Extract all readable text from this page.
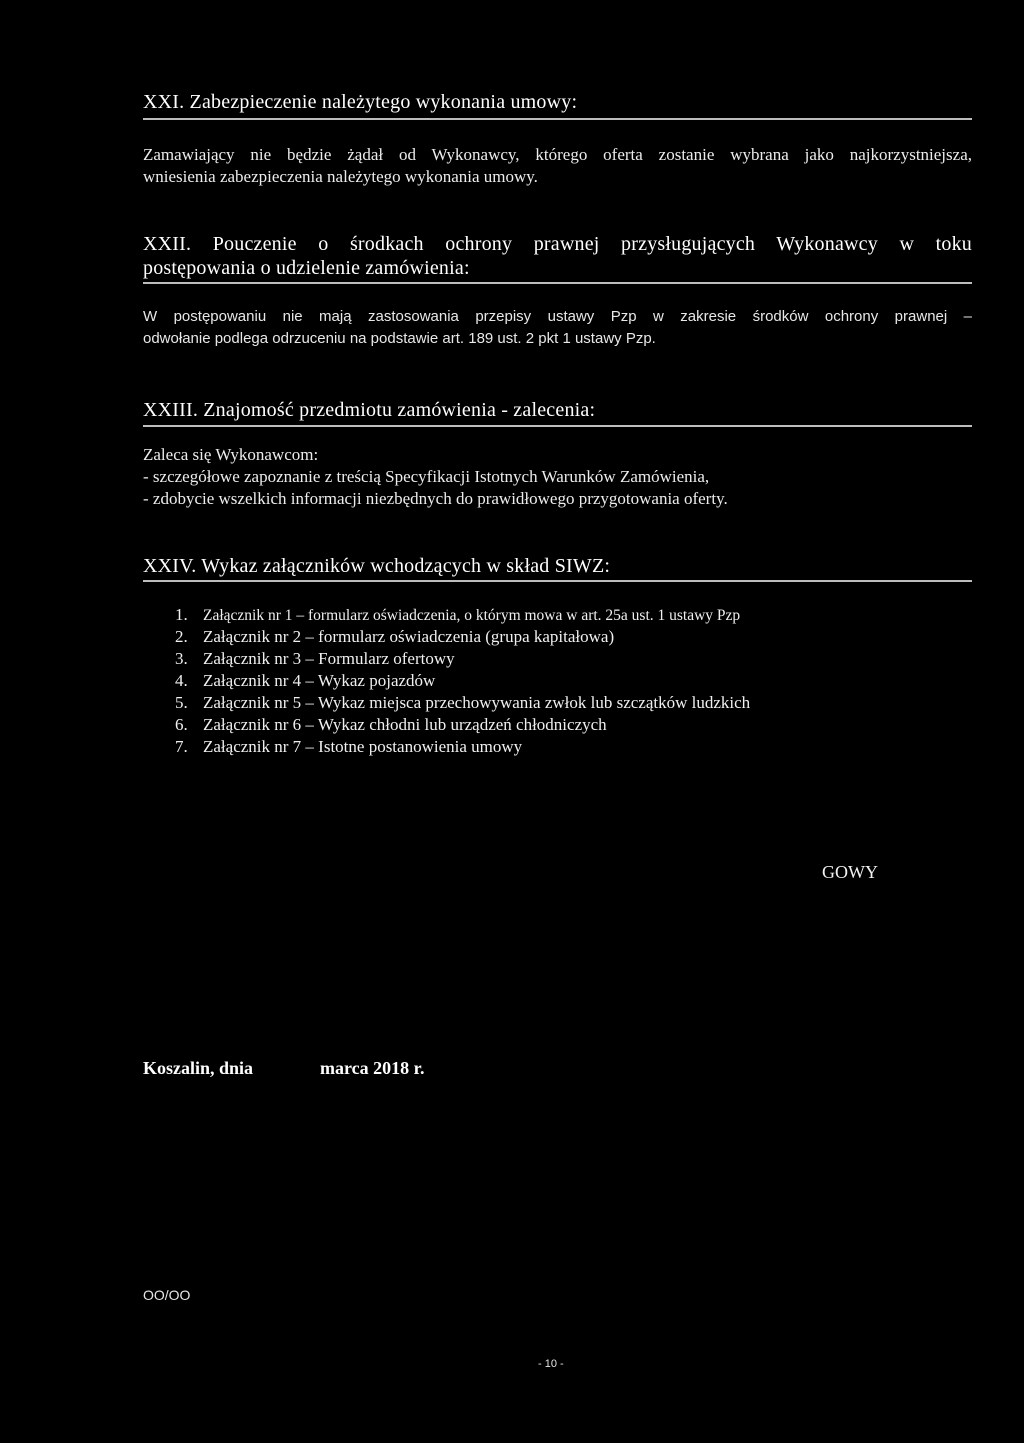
XXI. Zabezpieczenie należytego wykonania umowy:
Zamawiający nie będzie żądał od Wykonawcy, którego oferta zostanie wybrana jako najkorzystniejsza,
wniesienia zabezpieczenia należytego wykonania umowy.
XXII. Pouczenie o środkach ochrony prawnej przysługujących Wykonawcy w toku
postępowania o udzielenie zamówienia:
W postępowaniu nie mają zastosowania przepisy ustawy Pzp w zakresie środków ochrony prawnej –
odwołanie podlega odrzuceniu na podstawie art. 189 ust. 2 pkt 1 ustawy Pzp.
XXIII. Znajomość przedmiotu zamówienia - zalecenia:
Zaleca się Wykonawcom:
- szczegółowe zapoznanie z treścią Specyfikacji Istotnych Warunków Zamówienia,
- zdobycie wszelkich informacji niezbędnych do prawidłowego przygotowania oferty.
XXIV. Wykaz załączników wchodzących w skład SIWZ:
1. Załącznik nr 1 – formularz oświadczenia, o którym mowa w art. 25a ust. 1 ustawy Pzp
2. Załącznik nr 2 – formularz oświadczenia (grupa kapitałowa)
3. Załącznik nr 3 – Formularz ofertowy
4. Załącznik nr 4 – Wykaz pojazdów
5. Załącznik nr 5 – Wykaz miejsca przechowywania zwłok lub szczątków ludzkich
6. Załącznik nr 6 – Wykaz chłodni lub urządzeń chłodniczych
7. Załącznik nr 7 – Istotne postanowienia umowy
GOWY
Koszalin, dnia	marca 2018 r.
OO/OO
- 10 -
